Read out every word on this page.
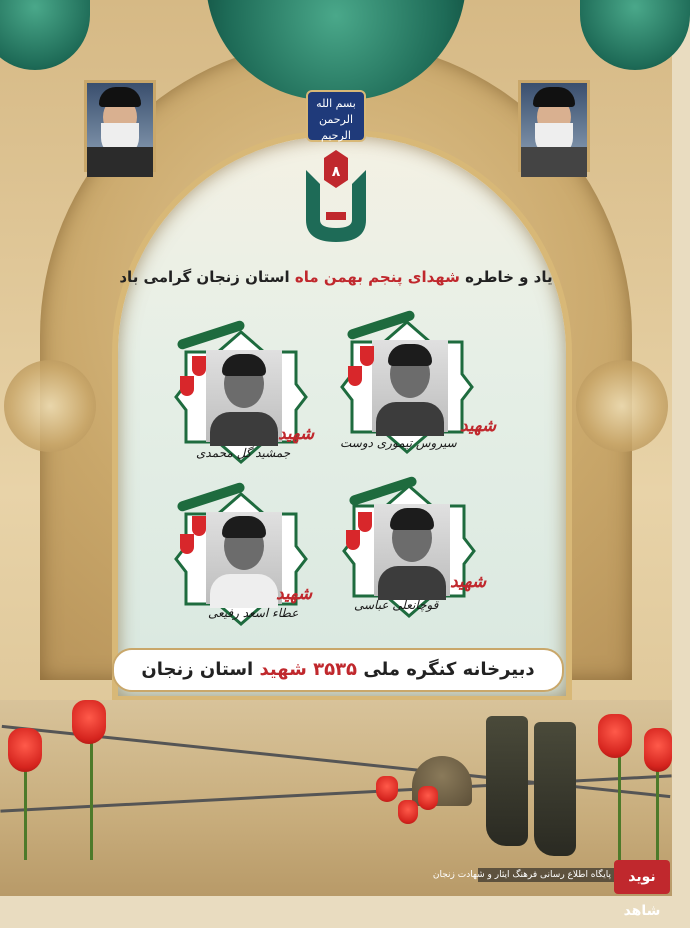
بسم الله الرحمن الرحیم
۸
یاد و خاطره شهدای پنجم بهمن ماه استان زنجان گرامی باد
شهید
سیروس تیموری دوست
شهید
جمشید گل محمدی
شهید
قوچانعلی عباسی
شهید
عطاء اسعد رفیعی
دبیرخانه کنگره ملی ۳۵۳۵ شهید استان زنجان
پایگاه اطلاع رسانی فرهنگ ایثار و شهادت زنجان	نوید شاهد
